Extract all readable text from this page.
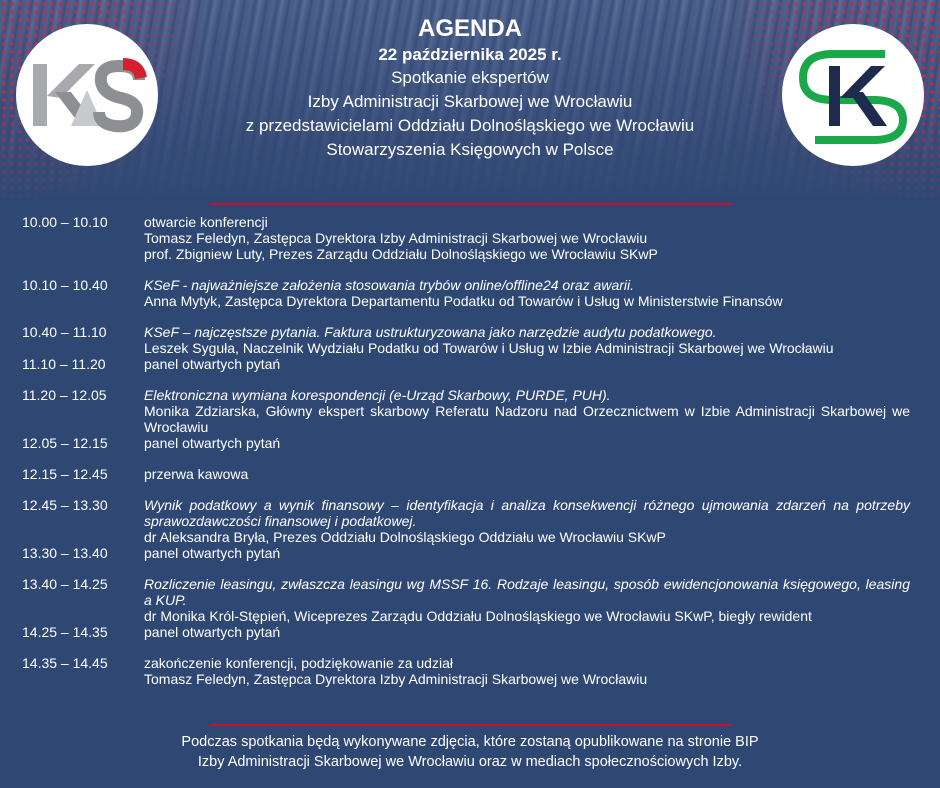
AGENDA
22 października 2025 r.
Spotkanie ekspertów
Izby Administracji Skarbowej we Wrocławiu
z przedstawicielami Oddziału Dolnośląskiego we Wrocławiu
Stowarzyszenia Księgowych w Polsce
10.00 – 10.10	otwarcie konferencji
Tomasz Feledyn, Zastępca Dyrektora Izby Administracji Skarbowej we Wrocławiu
prof. Zbigniew Luty, Prezes Zarządu Oddziału Dolnośląskiego we Wrocławiu SKwP
10.10 – 10.40	KSeF - najważniejsze założenia stosowania trybów online/offline24 oraz awarii.
Anna Mytyk, Zastępca Dyrektora Departamentu Podatku od Towarów i Usług w Ministerstwie Finansów
10.40 – 11.10	KSeF – najczęstsze pytania. Faktura ustrukturyzowana jako narzędzie audytu podatkowego.
Leszek Syguła, Naczelnik Wydziału Podatku od Towarów i Usług w Izbie Administracji Skarbowej we Wrocławiu
11.10 – 11.20	panel otwartych pytań
11.20 – 12.05	Elektroniczna wymiana korespondencji (e-Urząd Skarbowy, PURDE, PUH).
Monika Zdziarska, Główny ekspert skarbowy Referatu Nadzoru nad Orzecznictwem w Izbie Administracji Skarbowej we Wrocławiu
12.05 – 12.15	panel otwartych pytań
12.15 – 12.45	przerwa kawowa
12.45 – 13.30	Wynik podatkowy a wynik finansowy – identyfikacja i analiza konsekwencji różnego ujmowania zdarzeń na potrzeby sprawozdawczości finansowej i podatkowej.
dr Aleksandra Bryła, Prezes Oddziału Dolnośląskiego Oddziału we Wrocławiu SKwP
13.30 – 13.40	panel otwartych pytań
13.40 – 14.25	Rozliczenie leasingu, zwłaszcza leasingu wg MSSF 16. Rodzaje leasingu, sposób ewidencjonowania księgowego, leasing a KUP.
dr Monika Król-Stępień, Wiceprezes Zarządu Oddziału Dolnośląskiego we Wrocławiu SKwP, biegły rewident
14.25 – 14.35	panel otwartych pytań
14.35 – 14.45	zakończenie konferencji, podziękowanie za udział
Tomasz Feledyn, Zastępca Dyrektora Izby Administracji Skarbowej we Wrocławiu
Podczas spotkania będą wykonywane zdjęcia, które zostaną opublikowane na stronie BIP
Izby Administracji Skarbowej we Wrocławiu oraz w mediach społecznościowych Izby.
